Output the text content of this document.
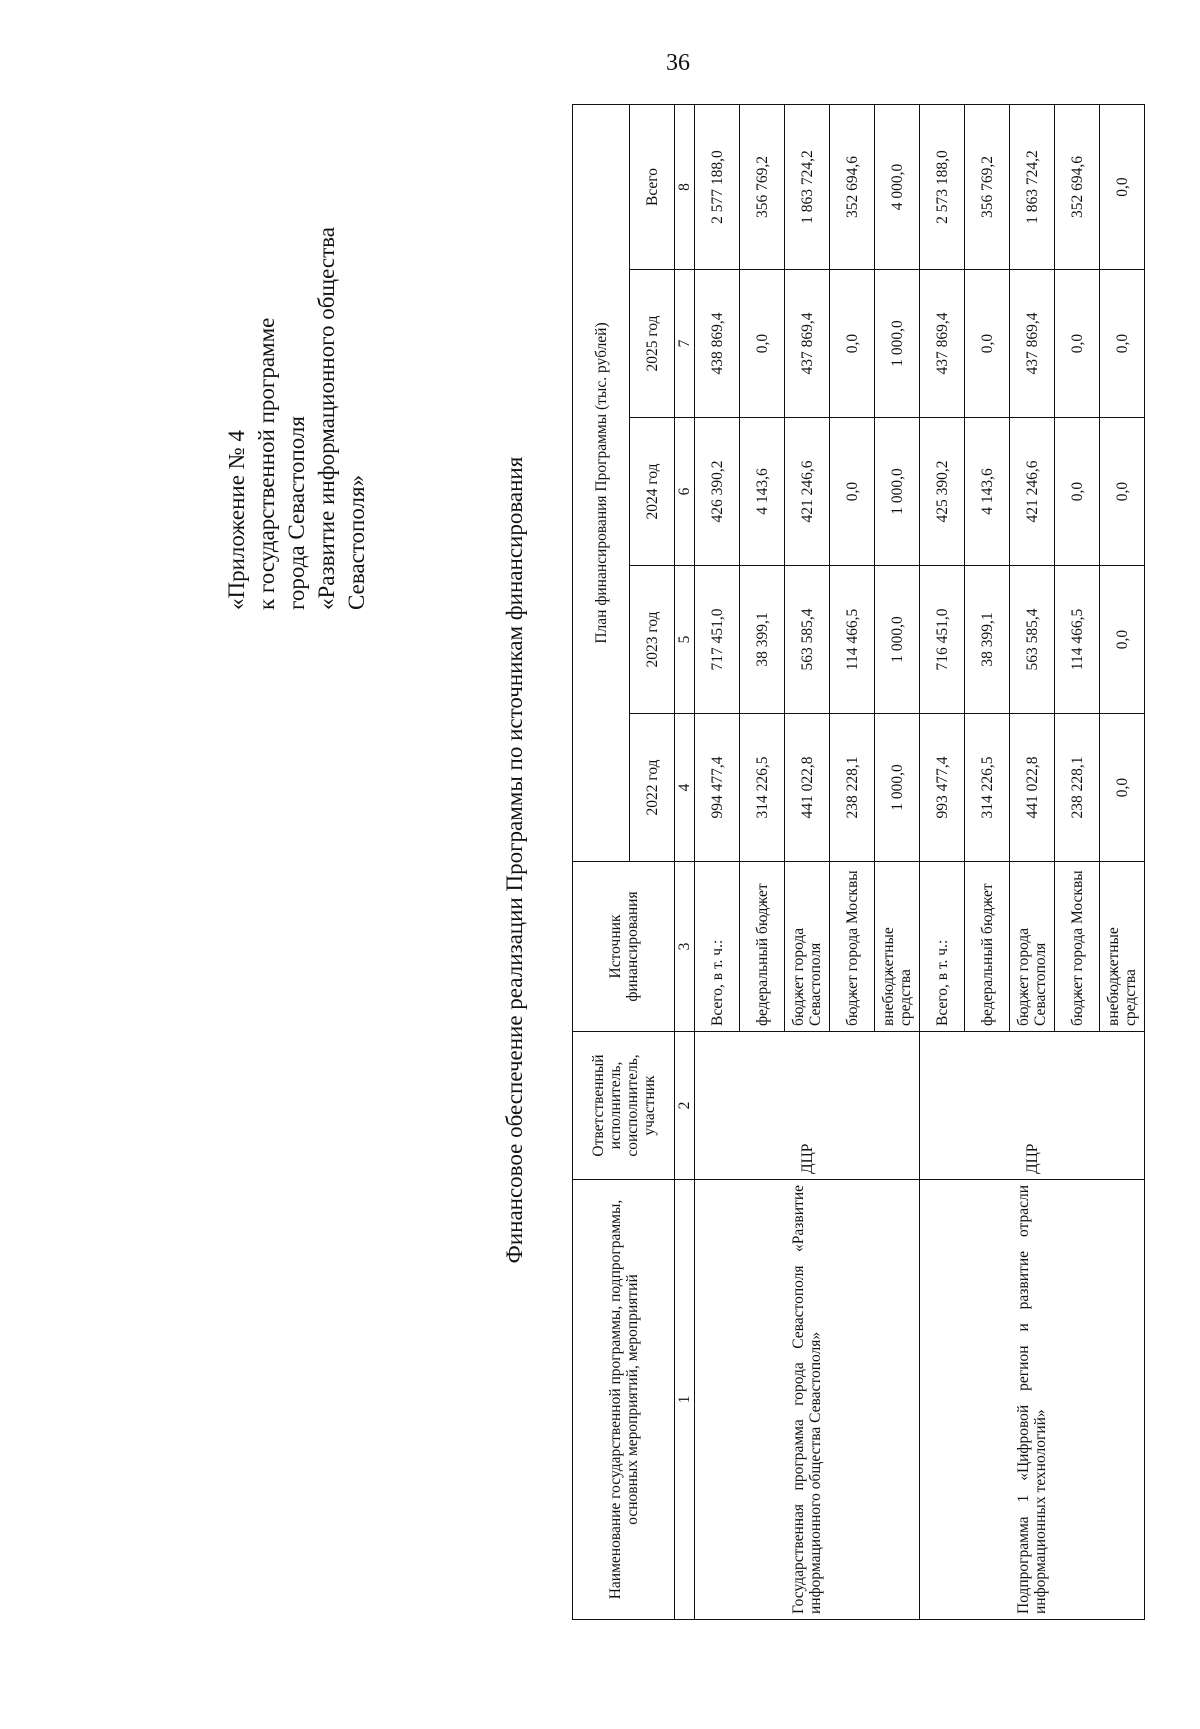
36
«Приложение № 4 к государственной программе города Севастополя «Развитие информационного общества Севастополя»	Финансовое обеспечение реализации Программы по источникам финансирования
Наименование государственной программы, подпрограммы, основных мероприятий, мероприятий	Ответственный исполнитель, соисполнитель, участник	Источник финансирования	План финансирования Программы (тыс. рублей)				
			2022 год	2023 год	2024 год	2025 год	Всего
1	2	3	4	5	6	7	8
Государственная программа города Севастополя «Развитие информационного общества Севастополя»	ДЦР	Всего, в т. ч.:	994 477,4	717 451,0	426 390,2	438 869,4	2 577 188,0
		федеральный бюджет	314 226,5	38 399,1	4 143,6	0,0	356 769,2
		бюджет города Севастополя	441 022,8	563 585,4	421 246,6	437 869,4	1 863 724,2
		бюджет города Москвы	238 228,1	114 466,5	0,0	0,0	352 694,6
		внебюджетные средства	1 000,0	1 000,0	1 000,0	1 000,0	4 000,0
Подпрограмма 1 «Цифровой регион и развитие отрасли информационных технологий»	ДЦР	Всего, в т. ч.:	993 477,4	716 451,0	425 390,2	437 869,4	2 573 188,0
		федеральный бюджет	314 226,5	38 399,1	4 143,6	0,0	356 769,2
		бюджет города Севастополя	441 022,8	563 585,4	421 246,6	437 869,4	1 863 724,2
		бюджет города Москвы	238 228,1	114 466,5	0,0	0,0	352 694,6
		внебюджетные средства	0,0	0,0	0,0	0,0	0,0
